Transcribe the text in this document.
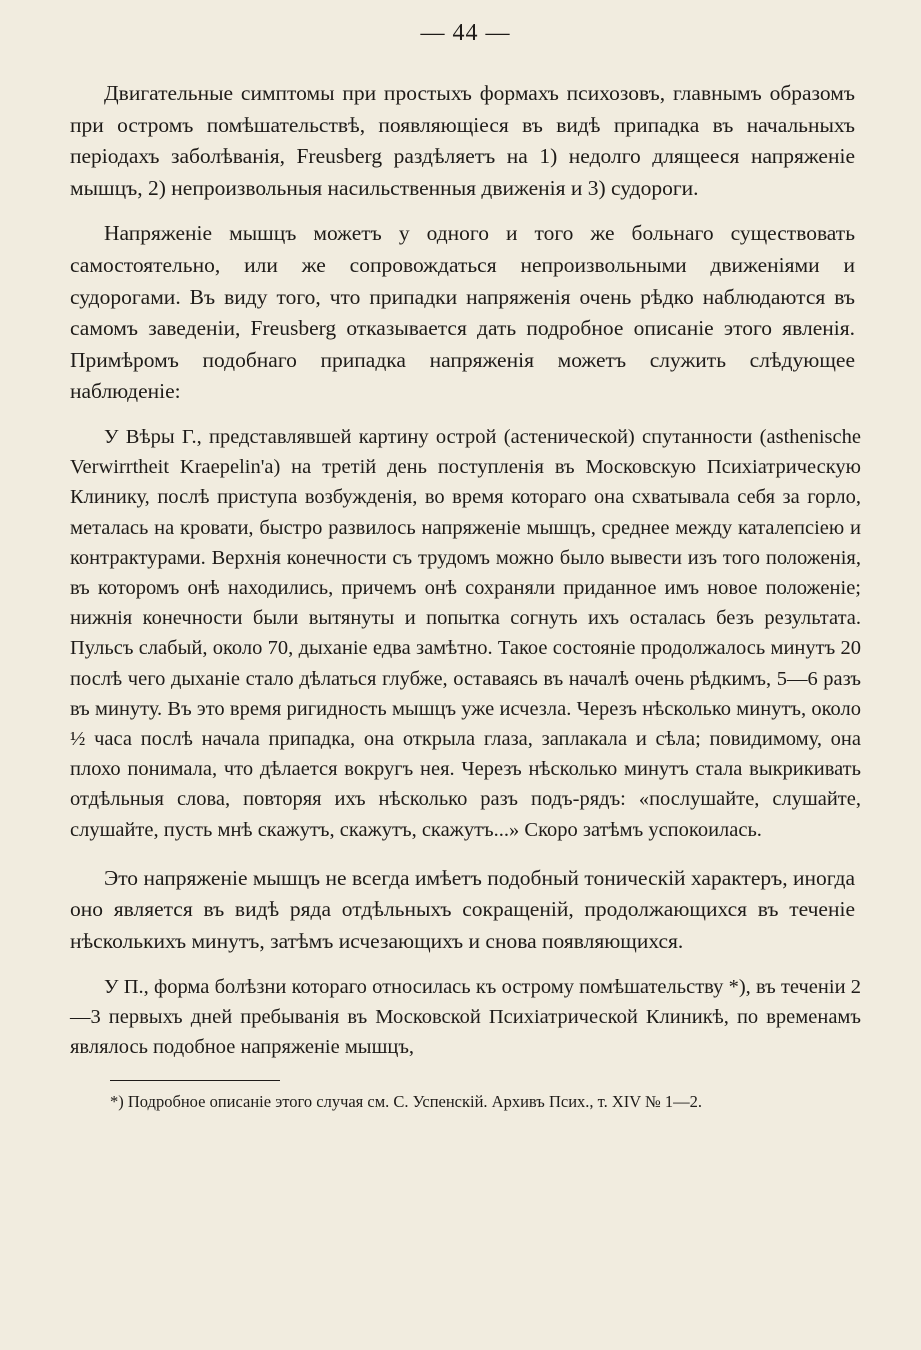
— 44 —

Двигательные симптомы при простыхъ формахъ психозовъ, главнымъ образомъ при остромъ помѣшательствѣ, появляющіеся въ видѣ припадка въ начальныхъ періодахъ заболѣванія, Freusberg раздѣляетъ на 1) недолго длящееся напряженіе мышцъ, 2) непроизвольныя насильственныя движенія и 3) судороги.

Напряженіе мышцъ можетъ у одного и того же больнаго существовать самостоятельно, или же сопровождаться непроизвольными движеніями и судорогами. Въ виду того, что припадки напряженія очень рѣдко наблюдаются въ самомъ заведеніи, Freusberg отказывается дать подробное описаніе этого явленія. Примѣромъ подобнаго припадка напряженія можетъ служить слѣдующее наблюденіе:

У Вѣры Г., представлявшей картину острой (астенической) спутанности (asthenische Verwirrtheit Kraepelin'а) на третій день поступленія въ Московскую Психіатрическую Клинику, послѣ приступа возбужденія, во время котораго она схватывала себя за горло, металась на кровати, быстро развилось напряженіе мышцъ, среднее между каталепсіею и контрактурами. Верхнія конечности съ трудомъ можно было вывести изъ того положенія, въ которомъ онѣ находились, причемъ онѣ сохраняли приданное имъ новое положеніе; нижнія конечности были вытянуты и попытка согнуть ихъ осталась безъ результата. Пульсъ слабый, около 70, дыханіе едва замѣтно. Такое состояніе продолжалось минутъ 20 послѣ чего дыханіе стало дѣлаться глубже, оставаясь въ началѣ очень рѣдкимъ, 5—6 разъ въ минуту. Въ это время ригидность мышцъ уже исчезла. Черезъ нѣсколько минутъ, около ½ часа послѣ начала припадка, она открыла глаза, заплакала и сѣла; повидимому, она плохо понимала, что дѣлается вокругъ нея. Черезъ нѣсколько минутъ стала выкрикивать отдѣльныя слова, повторяя ихъ нѣсколько разъ подъ-рядъ: «послушайте, слушайте, слушайте, пусть мнѣ скажутъ, скажутъ, скажутъ...» Скоро затѣмъ успокоилась.

Это напряженіе мышцъ не всегда имѣетъ подобный тоническій характеръ, иногда оно является въ видѣ ряда отдѣльныхъ сокращеній, продолжающихся въ теченіе нѣсколькихъ минутъ, затѣмъ исчезающихъ и снова появляющихся.

У П., форма болѣзни котораго относилась къ острому помѣшательству *), въ теченіи 2—3 первыхъ дней пребыванія въ Московской Психіатрической Клиникѣ, по временамъ являлось подобное напряженіе мышцъ,

*) Подробное описаніе этого случая см. С. Успенскій. Архивъ Псих., т. XIV № 1—2.
